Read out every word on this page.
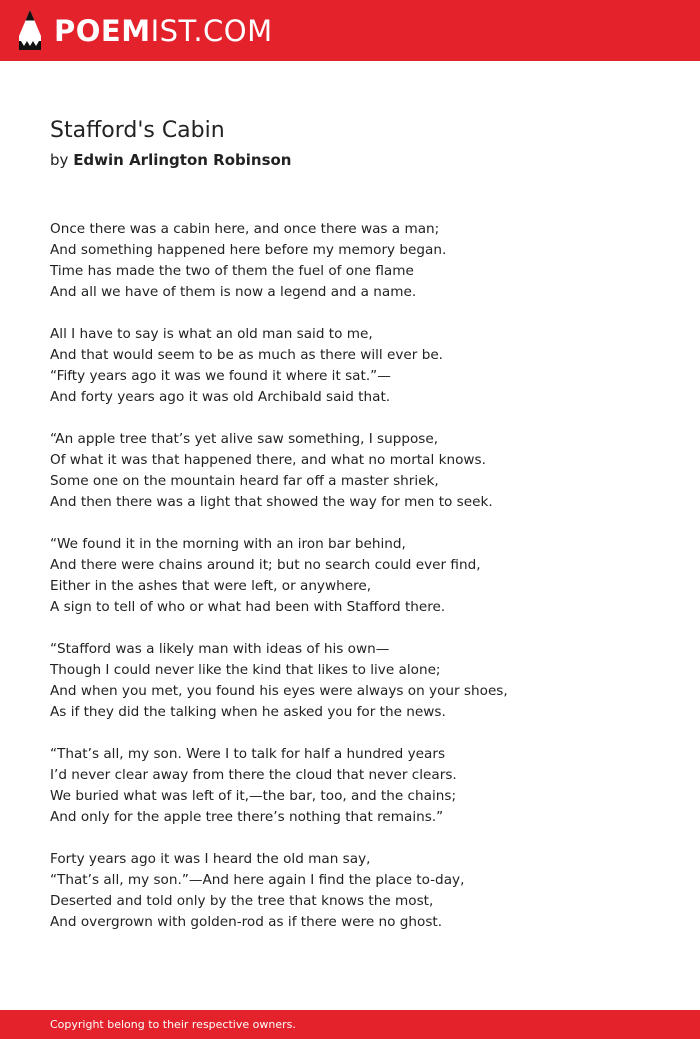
POEMIST.COM
Stafford's Cabin
by Edwin Arlington Robinson
Once there was a cabin here, and once there was a man;
And something happened here before my memory began.
Time has made the two of them the fuel of one flame
And all we have of them is now a legend and a name.
All I have to say is what an old man said to me,
And that would seem to be as much as there will ever be.
“Fifty years ago it was we found it where it sat.”—
And forty years ago it was old Archibald said that.
“An apple tree that’s yet alive saw something, I suppose,
Of what it was that happened there, and what no mortal knows.
Some one on the mountain heard far off a master shriek,
And then there was a light that showed the way for men to seek.
“We found it in the morning with an iron bar behind,
And there were chains around it; but no search could ever find,
Either in the ashes that were left, or anywhere,
A sign to tell of who or what had been with Stafford there.
“Stafford was a likely man with ideas of his own—
Though I could never like the kind that likes to live alone;
And when you met, you found his eyes were always on your shoes,
As if they did the talking when he asked you for the news.
“That’s all, my son. Were I to talk for half a hundred years
I’d never clear away from there the cloud that never clears.
We buried what was left of it,—the bar, too, and the chains;
And only for the apple tree there’s nothing that remains.”
Forty years ago it was I heard the old man say,
“That’s all, my son.”—And here again I find the place to-day,
Deserted and told only by the tree that knows the most,
And overgrown with golden-rod as if there were no ghost.
Copyright belong to their respective owners.
